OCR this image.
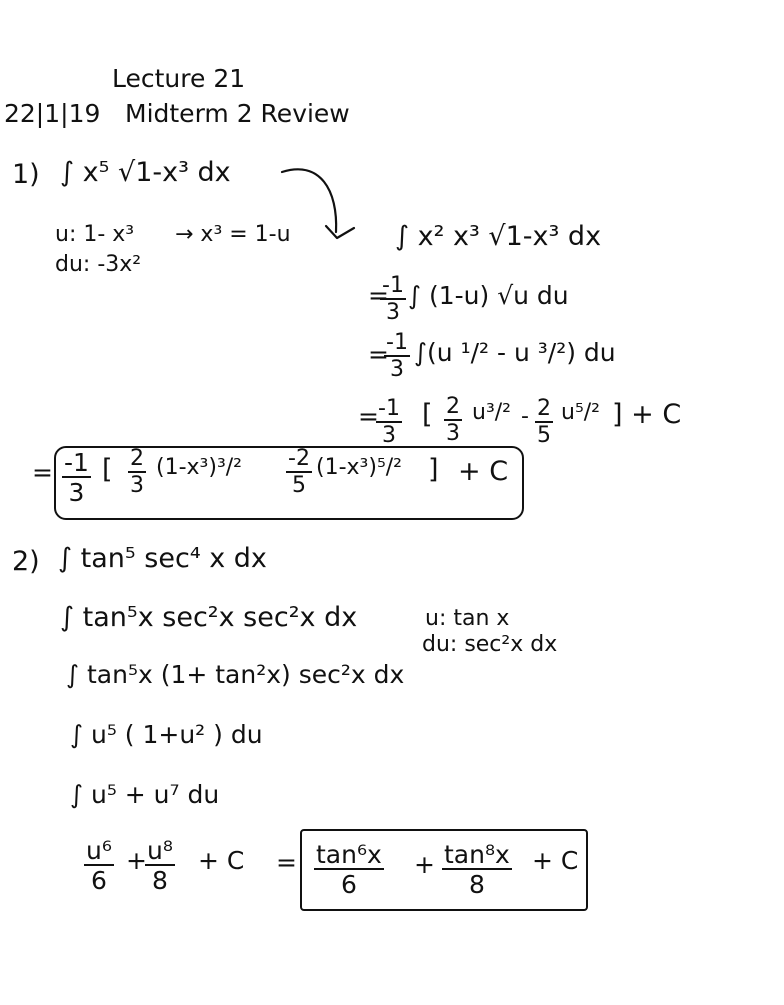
Lecture 21
22|1|19 Midterm 2 Review
1) ∫ x⁵ √1-x³ dx
u: 1- x³ → x³ = 1-u
du: -3x²
∫ x² x³ √1-x³ dx
=
$\frac{-1}{3}$ ∫ (1-u) √u du
=
$\frac{-1}{3} \int(u$ ¹/² - u ³/²) du
=
$\frac{-1}{3}$ [ $\frac{2}{3} u^3/^2 - \frac{2}{5} u^5/^2$ ] + C
= $\frac{-1}{3}$ [ $\frac{2}{3} (1-x^3)^3/^2 \frac{-2}{5} (1-x^3)^5/^2$ ] + C
2) ∫ tan⁵ sec⁴ x dx
∫ tan⁵x sec²x sec²x dx	u: tan x
du: sec²x dx
∫ tan⁵x (1+ tan²x) sec²x dx
∫ u⁵ ( 1+u² ) du
∫ u⁵ + u⁷ du
$\frac{\text{u⁶}}{6}$ +
$\frac{\text{u⁸}}{8} + C = \frac{\text{tan⁶x}}{6} + \frac{\text{tan⁸x}}{8} + C$
